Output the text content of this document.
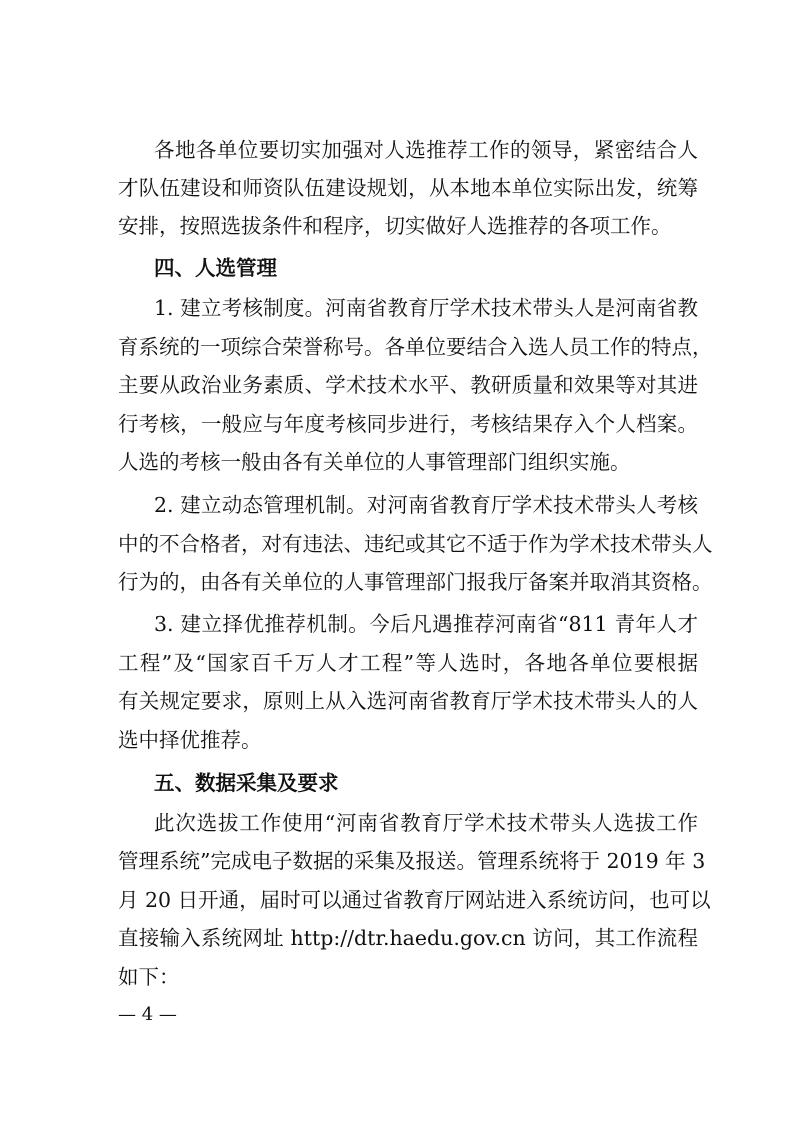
各地各单位要切实加强对人选推荐工作的领导，紧密结合人
才队伍建设和师资队伍建设规划，从本地本单位实际出发，统筹
安排，按照选拔条件和程序，切实做好人选推荐的各项工作。
四、人选管理
1. 建立考核制度。河南省教育厅学术技术带头人是河南省教
育系统的一项综合荣誉称号。各单位要结合入选人员工作的特点，
主要从政治业务素质、学术技术水平、教研质量和效果等对其进
行考核，一般应与年度考核同步进行，考核结果存入个人档案。
人选的考核一般由各有关单位的人事管理部门组织实施。
2. 建立动态管理机制。对河南省教育厅学术技术带头人考核
中的不合格者，对有违法、违纪或其它不适于作为学术技术带头人
行为的，由各有关单位的人事管理部门报我厅备案并取消其资格。
3. 建立择优推荐机制。今后凡遇推荐河南省“811 青年人才
工程”及“国家百千万人才工程”等人选时，各地各单位要根据
有关规定要求，原则上从入选河南省教育厅学术技术带头人的人
选中择优推荐。
五、数据采集及要求
此次选拔工作使用“河南省教育厅学术技术带头人选拔工作
管理系统”完成电子数据的采集及报送。管理系统将于 2019 年 3
月 20 日开通，届时可以通过省教育厅网站进入系统访问，也可以
直接输入系统网址 http://dtr.haedu.gov.cn 访问，其工作流程
如下：
— 4 —
